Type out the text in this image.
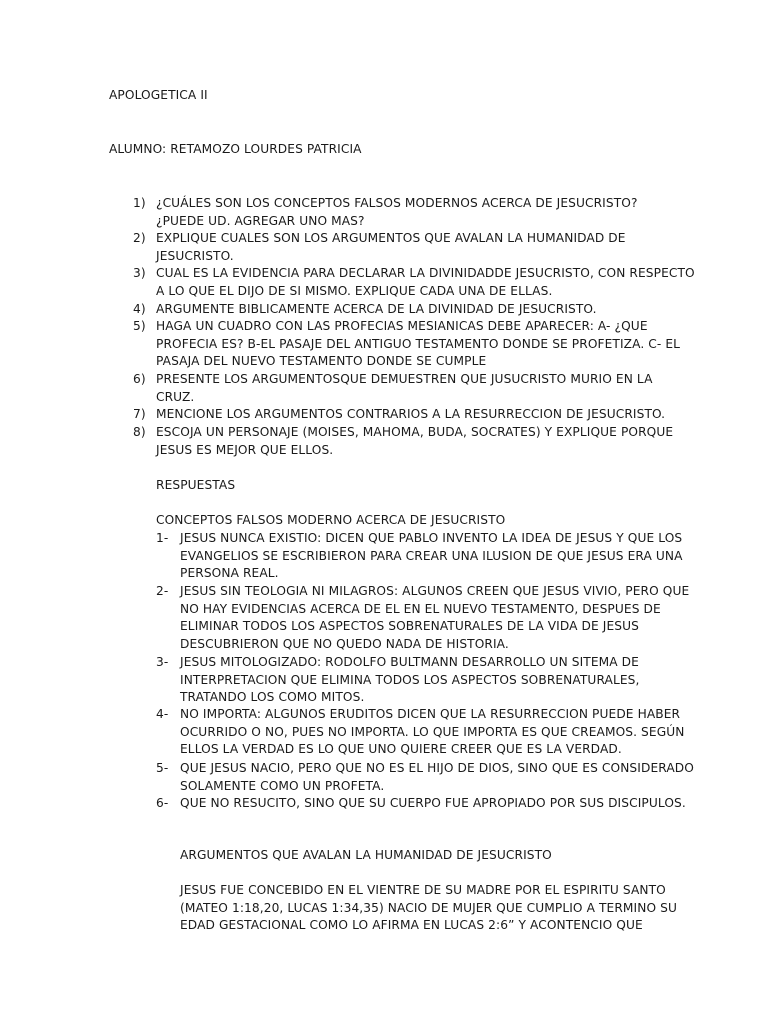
APOLOGETICA II
ALUMNO: RETAMOZO LOURDES PATRICIA
1) ¿CUÁLES SON LOS CONCEPTOS FALSOS MODERNOS ACERCA DE JESUCRISTO?
¿PUEDE UD. AGREGAR UNO MAS?
2) EXPLIQUE CUALES SON LOS ARGUMENTOS QUE AVALAN LA HUMANIDAD DE
JESUCRISTO.
3) CUAL ES LA EVIDENCIA PARA DECLARAR LA DIVINIDADDE JESUCRISTO, CON RESPECTO
A LO QUE EL DIJO DE SI MISMO. EXPLIQUE CADA UNA DE ELLAS.
4) ARGUMENTE BIBLICAMENTE ACERCA DE LA DIVINIDAD DE JESUCRISTO.
5) HAGA UN CUADRO CON LAS PROFECIAS MESIANICAS DEBE APARECER: A- ¿QUE
PROFECIA ES? B-EL PASAJE DEL ANTIGUO TESTAMENTO DONDE SE PROFETIZA. C- EL
PASAJA DEL NUEVO TESTAMENTO DONDE SE CUMPLE
6) PRESENTE LOS ARGUMENTOSQUE DEMUESTREN QUE JUSUCRISTO MURIO EN LA
CRUZ.
7) MENCIONE LOS ARGUMENTOS CONTRARIOS A LA RESURRECCION DE JESUCRISTO.
8) ESCOJA UN PERSONAJE (MOISES, MAHOMA, BUDA, SOCRATES) Y EXPLIQUE PORQUE
JESUS ES MEJOR QUE ELLOS.
RESPUESTAS
CONCEPTOS FALSOS MODERNO ACERCA DE JESUCRISTO
1- JESUS NUNCA EXISTIO: DICEN QUE PABLO INVENTO LA IDEA DE JESUS Y QUE LOS
EVANGELIOS SE ESCRIBIERON PARA CREAR UNA ILUSION DE QUE JESUS ERA UNA
PERSONA REAL.
2- JESUS SIN TEOLOGIA NI MILAGROS: ALGUNOS CREEN QUE JESUS VIVIO, PERO QUE
NO HAY EVIDENCIAS ACERCA DE EL EN EL NUEVO TESTAMENTO, DESPUES DE
ELIMINAR TODOS LOS ASPECTOS SOBRENATURALES DE LA VIDA DE JESUS
DESCUBRIERON QUE NO QUEDO NADA DE HISTORIA.
3- JESUS MITOLOGIZADO: RODOLFO BULTMANN DESARROLLO UN SITEMA DE
INTERPRETACION QUE ELIMINA TODOS LOS ASPECTOS SOBRENATURALES,
TRATANDO LOS COMO MITOS.
4- NO IMPORTA: ALGUNOS ERUDITOS DICEN QUE LA RESURRECCION PUEDE HABER
OCURRIDO O NO, PUES NO IMPORTA. LO QUE IMPORTA ES QUE CREAMOS. SEGÚN
ELLOS LA VERDAD ES LO QUE UNO QUIERE CREER QUE ES LA VERDAD.
5- QUE JESUS NACIO, PERO QUE NO ES EL HIJO DE DIOS, SINO QUE ES CONSIDERADO
SOLAMENTE COMO UN PROFETA.
6- QUE NO RESUCITO, SINO QUE SU CUERPO FUE APROPIADO POR SUS DISCIPULOS.
ARGUMENTOS QUE AVALAN LA HUMANIDAD DE JESUCRISTO
JESUS FUE CONCEBIDO EN EL VIENTRE DE SU MADRE POR EL ESPIRITU SANTO
(MATEO 1:18,20, LUCAS 1:34,35) NACIO DE MUJER QUE CUMPLIO A TERMINO SU
EDAD GESTACIONAL COMO LO AFIRMA EN LUCAS 2:6” Y ACONTENCIO QUE
